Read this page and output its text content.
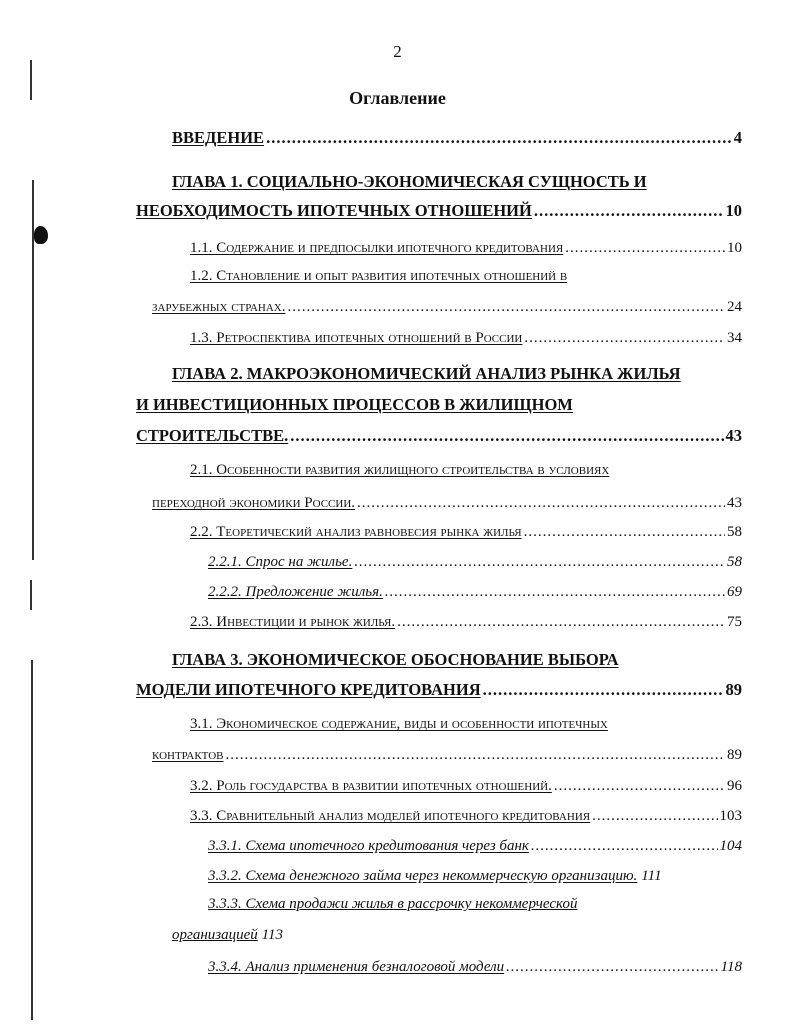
2
Оглавление
ВВЕДЕНИЕ .....	4
ГЛАВА 1. СОЦИАЛЬНО-ЭКОНОМИЧЕСКАЯ СУЩНОСТЬ И
НЕОБХОДИМОСТЬ ИПОТЕЧНЫХ ОТНОШЕНИЙ .....	10
1.1. Содержание и предпосылки ипотечного кредитования .....	10
1.2. Становление и опыт развития ипотечных отношений в
зарубежных странах. .....	24
1.3. Ретроспектива ипотечных отношений в России .....	34
ГЛАВА 2. МАКРОЭКОНОМИЧЕСКИЙ АНАЛИЗ РЫНКА ЖИЛЬЯ
И ИНВЕСТИЦИОННЫХ ПРОЦЕССОВ В ЖИЛИЩНОМ
СТРОИТЕЛЬСТВЕ. .....	43
2.1. Особенности развития жилищного строительства в условиях
переходной экономики России. .....	43
2.2. Теоретический анализ равновесия рынка жилья .....	58
2.2.1. Спрос на жилье. .....	58
2.2.2. Предложение жилья. .....	69
2.3. Инвестиции и рынок жилья. .....	75
ГЛАВА 3. ЭКОНОМИЧЕСКОЕ ОБОСНОВАНИЕ ВЫБОРА
МОДЕЛИ ИПОТЕЧНОГО КРЕДИТОВАНИЯ .....	89
3.1. Экономическое содержание, виды и особенности ипотечных
контрактов .....	89
3.2. Роль государства в развитии ипотечных отношений. .....	96
3.3. Сравнительный анализ моделей ипотечного кредитования .....	103
3.3.1. Схема ипотечного кредитования через банк .....	104
3.3.2. Схема денежного займа через некоммерческую организацию. 111
3.3.3. Схема продажи жилья в рассрочку некоммерческой
организацией 113
3.3.4. Анализ применения безналоговой модели .....	118
